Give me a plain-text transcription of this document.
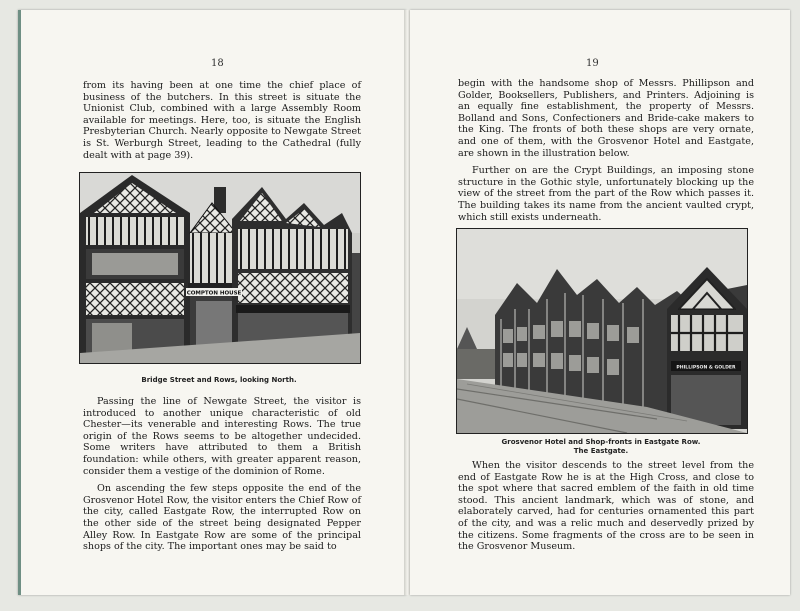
18

from its having been at one time the chief place of business of the butchers. In this street is situate the Unionist Club, combined with a large Assembly Room available for meetings. Here, too, is situate the English Presbyterian Church. Nearly opposite to Newgate Street is St. Werburgh Street, leading to the Cathedral (fully dealt with at page 39).

COMPTON HOUSE
Bridge Street and Rows, looking North.

Passing the line of Newgate Street, the visitor is introduced to another unique characteristic of old Chester—its venerable and interesting Rows. The true origin of the Rows seems to be altogether undecided. Some writers have attributed to them a British foundation: while others, with greater apparent reason, consider them a vestige of the dominion of Rome.

On ascending the few steps opposite the end of the Grosvenor Hotel Row, the visitor enters the Chief Row of the city, called Eastgate Row, the interrupted Row on the other side of the street being designated Pepper Alley Row. In Eastgate Row are some of the principal shops of the city. The important ones may be said to

19

begin with the handsome shop of Messrs. Phillipson and Golder, Booksellers, Publishers, and Printers. Adjoining is an equally fine establishment, the property of Messrs. Bolland and Sons, Confectioners and Bride-cake makers to the King. The fronts of both these shops are very ornate, and one of them, with the Grosvenor Hotel and Eastgate, are shown in the illustration below.

Further on are the Crypt Buildings, an imposing stone structure in the Gothic style, unfortunately blocking up the view of the street from the part of the Row which passes it. The building takes its name from the ancient vaulted crypt, which still exists underneath.

PHILLIPSON & GOLDER
Grosvenor Hotel and Shop-fronts in Eastgate Row.
The Eastgate.

When the visitor descends to the street level from the end of Eastgate Row he is at the High Cross, and close to the spot where that sacred emblem of the faith in old time stood. This ancient landmark, which was of stone, and elaborately carved, had for centuries ornamented this part of the city, and was a relic much and deservedly prized by the citizens. Some fragments of the cross are to be seen in the Grosvenor Museum.
